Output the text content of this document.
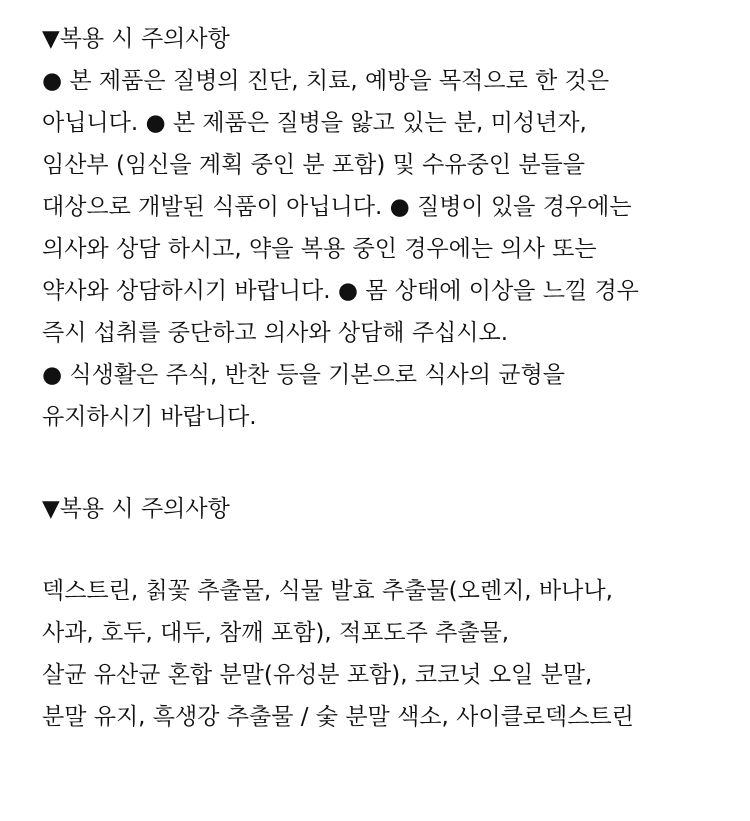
▼복용 시 주의사항
● 본 제품은 질병의 진단, 치료, 예방을 목적으로 한 것은
아닙니다. ● 본 제품은 질병을 앓고 있는 분, 미성년자,
임산부 (임신을 계획 중인 분 포함) 및 수유중인 분들을
대상으로 개발된 식품이 아닙니다. ● 질병이 있을 경우에는
의사와 상담 하시고, 약을 복용 중인 경우에는 의사 또는
약사와 상담하시기 바랍니다. ● 몸 상태에 이상을 느낄 경우
즉시 섭취를 중단하고 의사와 상담해 주십시오.
● 식생활은 주식, 반찬 등을 기본으로 식사의 균형을
유지하시기 바랍니다.
▼복용 시 주의사항
덱스트린, 칡꽃 추출물, 식물 발효 추출물(오렌지, 바나나,
사과, 호두, 대두, 참깨 포함), 적포도주 추출물,
살균 유산균 혼합 분말(유성분 포함), 코코넛 오일 분말,
분말 유지, 흑생강 추출물 / 숯 분말 색소, 사이클로덱스트린
